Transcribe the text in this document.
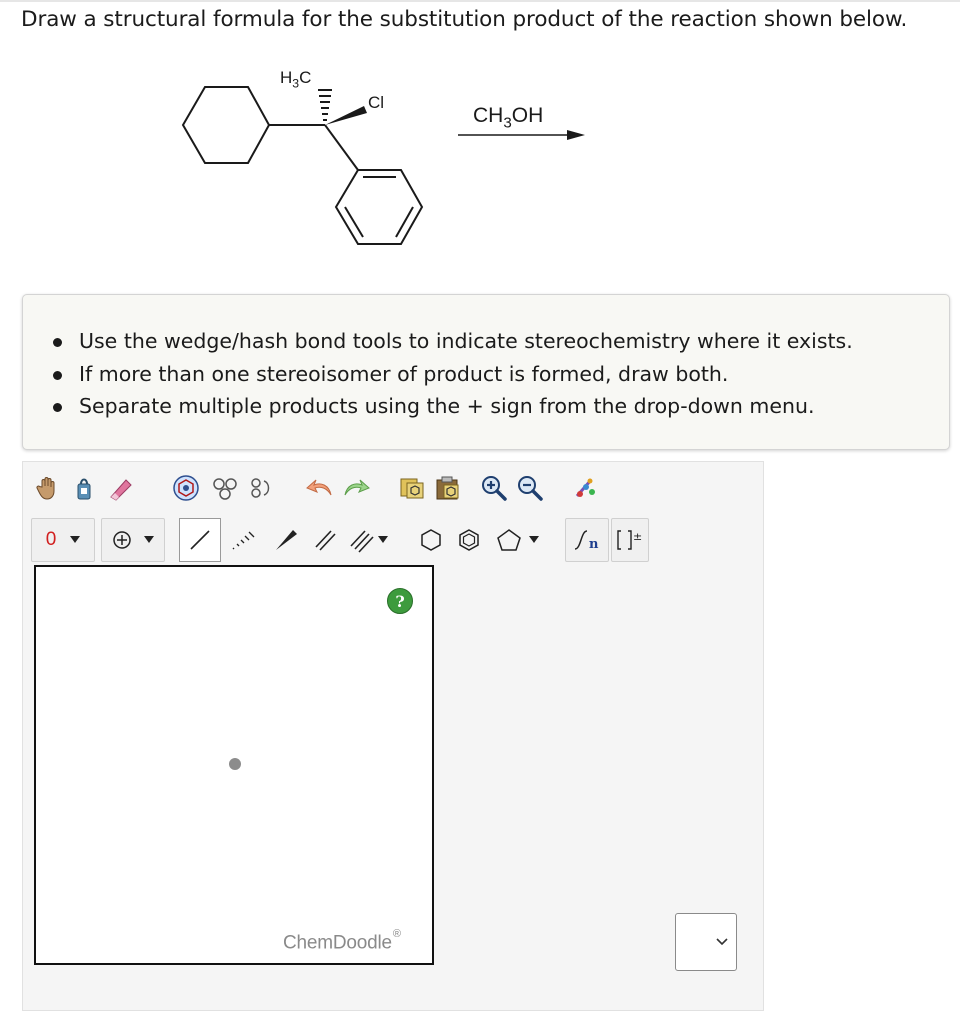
Draw a structural formula for the substitution product of the reaction shown below.
$H_3C$
Cl
$CH_3OH$
Use the wedge/hash bond tools to indicate stereochemistry where it exists.
If more than one stereoisomer of product is formed, draw both.
Separate multiple products using the + sign from the drop-down menu.
0	n
±
?
ChemDoodle®
